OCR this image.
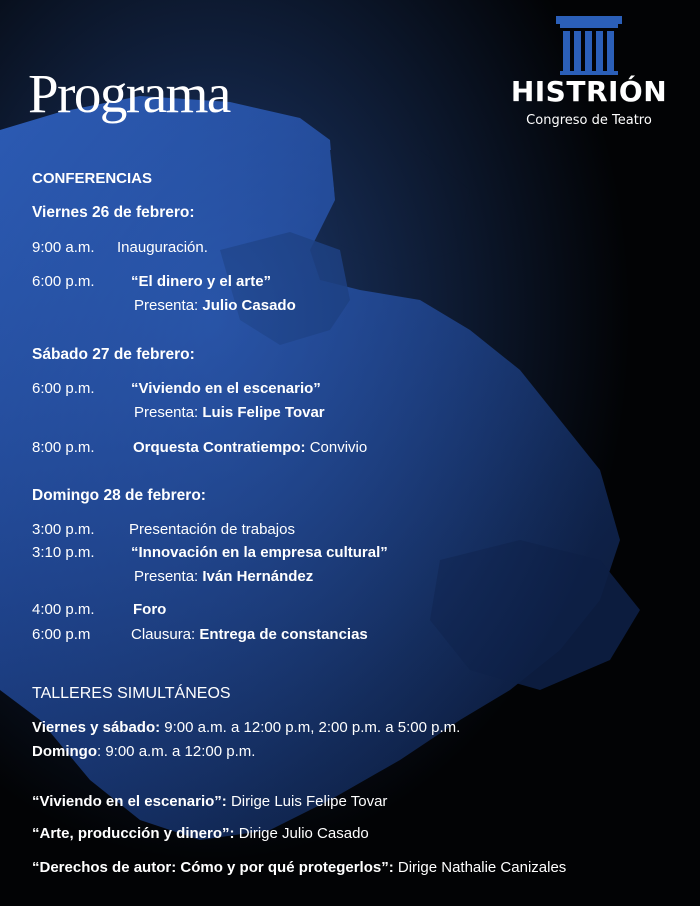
Programa	HISTRIÓN
Congreso de Teatro
CONFERENCIAS
Viernes 26 de febrero:
9:00 a.m. Inauguración.
6:00 p.m. “El dinero y el arte”
Presenta: Julio Casado
Sábado 27 de febrero:
6:00 p.m. “Viviendo en el escenario”
Presenta: Luis Felipe Tovar
8:00 p.m.	Orquesta Contratiempo: Convivio
Domingo 28 de febrero:
3:00 p.m. Presentación de trabajos
3:10 p.m. “Innovación en la empresa cultural”
Presenta: Iván Hernández
4:00 p.m.	Foro
6:00 p.m	Clausura: Entrega de constancias
TALLERES SIMULTÁNEOS
Viernes y sábado: 9:00 a.m. a 12:00 p.m, 2:00 p.m. a 5:00 p.m.
Domingo: 9:00 a.m. a 12:00 p.m.
“Viviendo en el escenario”: Dirige Luis Felipe Tovar
“Arte, producción y dinero”: Dirige Julio Casado
“Derechos de autor: Cómo y por qué protegerlos”: Dirige Nathalie Canizales
